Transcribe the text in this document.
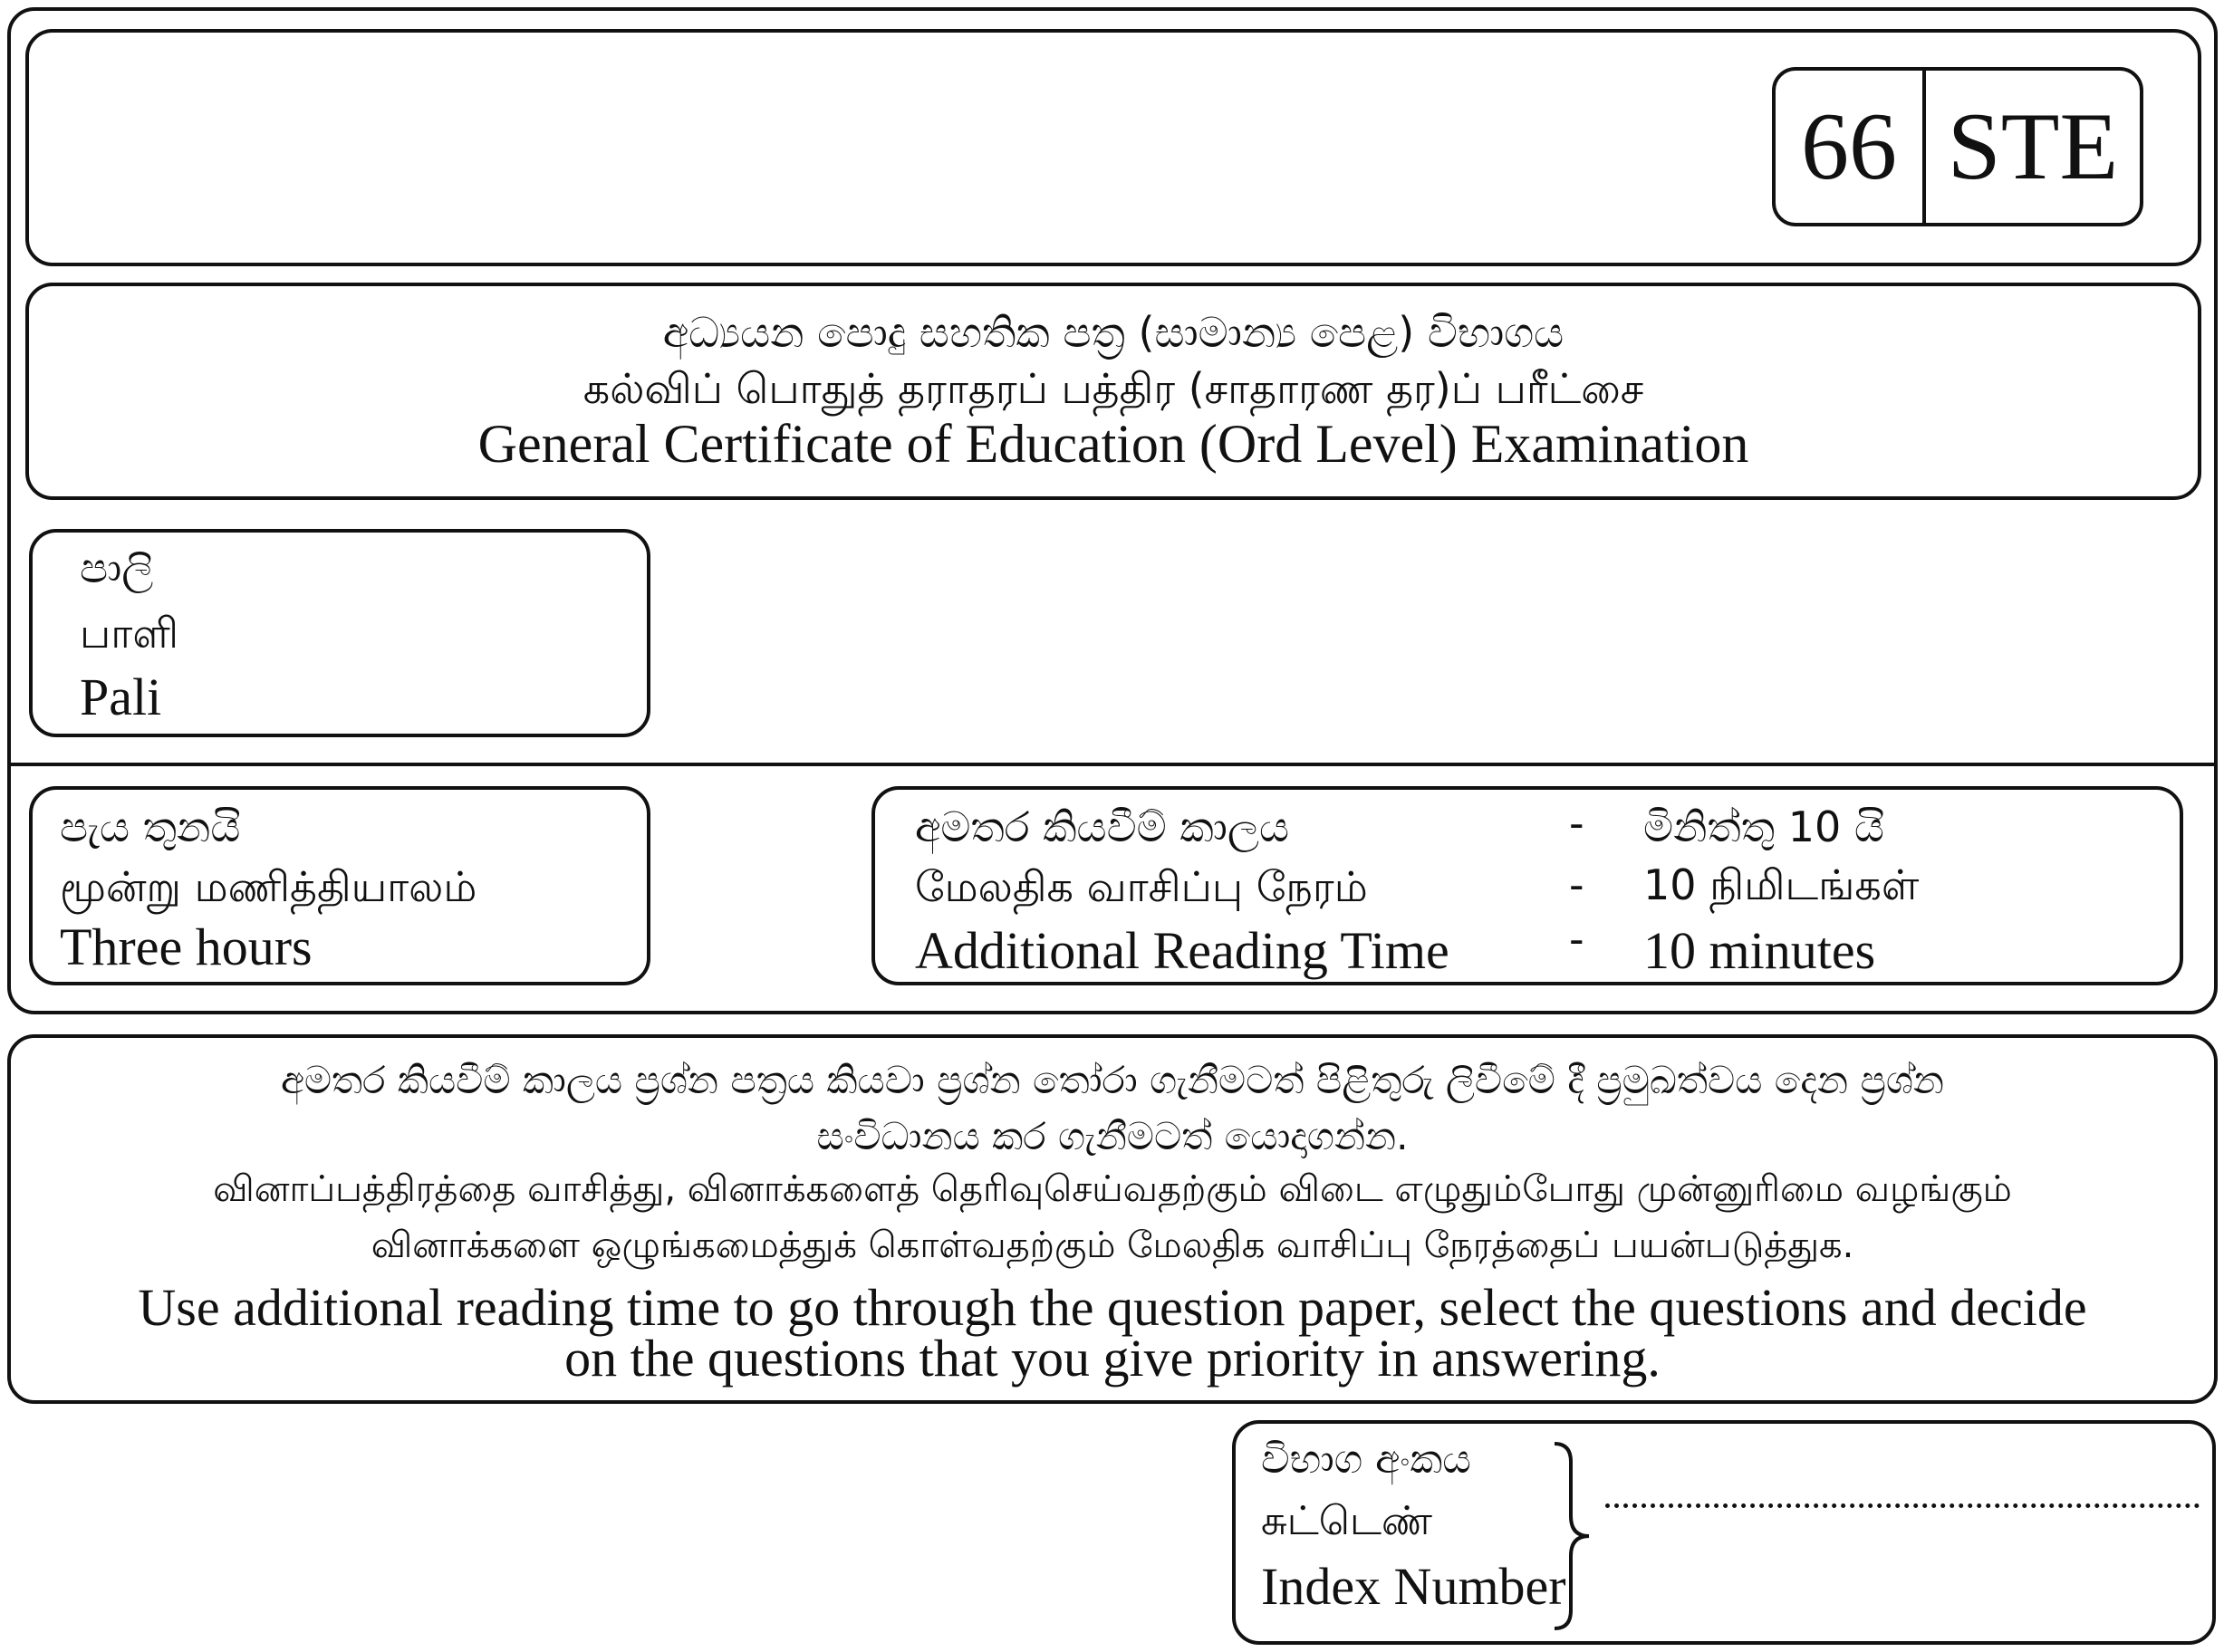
66 STE
අධ්‍යයන පොදු සහතික පත්‍ර (සාමාන්‍ය පෙළ) විභාගය
கல்விப் பொதுத் தராதரப் பத்திர (சாதாரண தர)ப் பரீட்சை
General Certificate of Education (Ord Level) Examination
පාලි
பாளி
Pali
පැය තුනයි
மூன்று மணித்தியாலம்
Three hours
අමතර කියවීම් කාලය	- මිනිත්තු 10 යි
மேலதிக வாசிப்பு நேரம்	- 10 நிமிடங்கள்
Additional Reading Time	- 10 minutes
අමතර කියවීම් කාලය ප්‍රශ්න පත්‍රය කියවා ප්‍රශ්න තෝරා ගැනීමටත් පිළිතුරු ලිවීමේ දී ප්‍රමුඛත්වය දෙන ප්‍රශ්න
සංවිධානය කර ගැනීමටත් යොදාගන්න.
வினாப்பத்திரத்தை வாசித்து, வினாக்களைத் தெரிவுசெய்வதற்கும் விடை எழுதும்போது முன்னுரிமை வழங்கும்
வினாக்களை ஒழுங்கமைத்துக் கொள்வதற்கும் மேலதிக வாசிப்பு நேரத்தைப் பயன்படுத்துக.
Use additional reading time to go through the question paper, select the questions and decide
on the questions that you give priority in answering.
විභාග අංකය
சுட்டெண்
Index Number
